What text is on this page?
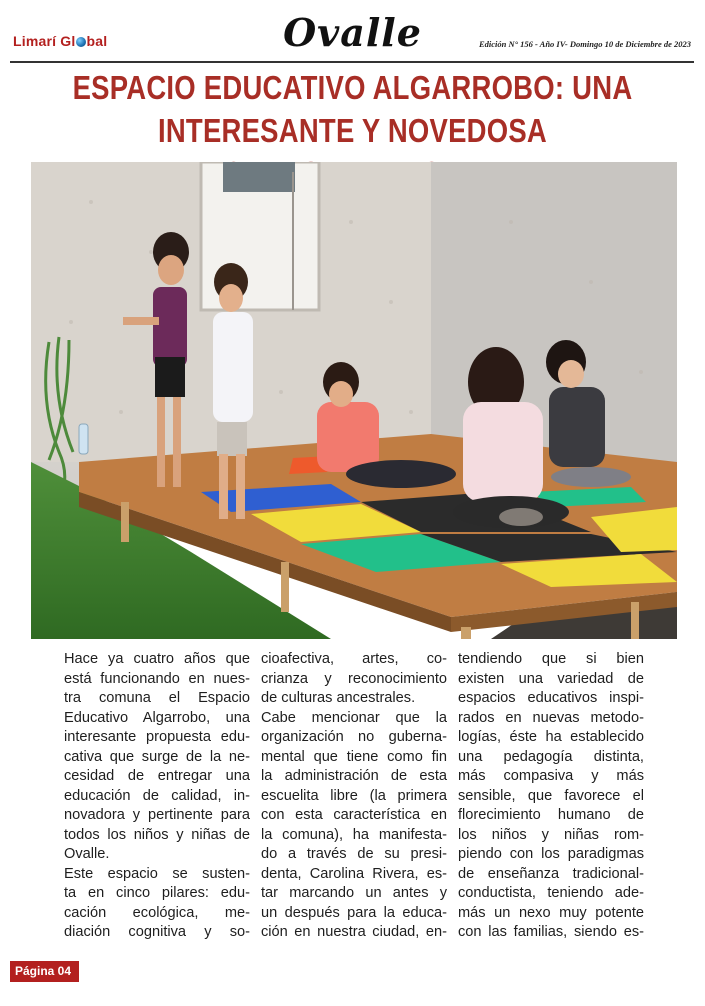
Limarí Gl bal	Ovalle	Edición N° 156 - Año IV- Domingo 10 de Diciembre de 2023
ESPACIO EDUCATIVO ALGARROBO: UNA
INTERESANTE Y NOVEDOSA
Hace ya cuatro años que
está funcionando en nues-
tra comuna el Espacio
Educativo Algarrobo, una
interesante propuesta edu-
cativa que surge de la ne-
cesidad de entregar una
educación de calidad, in-
novadora y pertinente para
todos los niños y niñas de
Ovalle.
Este espacio se susten-
ta en cinco pilares: edu-
cación ecológica, me-
diación cognitiva y so-
cioafectiva, artes, co-
crianza y reconocimiento
de culturas ancestrales.
Cabe mencionar que la
organización no guberna-
mental que tiene como fin
la administración de esta
escuelita libre (la primera
con esta característica en
la comuna), ha manifesta-
do a través de su presi-
denta, Carolina Rivera, es-
tar marcando un antes y
un después para la educa-
ción en nuestra ciudad, en-
tendiendo que si bien
existen una variedad de
espacios educativos inspi-
rados en nuevas metodo-
logías, éste ha establecido
una pedagogía distinta,
más compasiva y más
sensible, que favorece el
florecimiento humano de
los niños y niñas rom-
piendo con los paradigmas
de enseñanza tradicional-
conductista, teniendo ade-
más un nexo muy potente
con las familias, siendo es-
Página 04
